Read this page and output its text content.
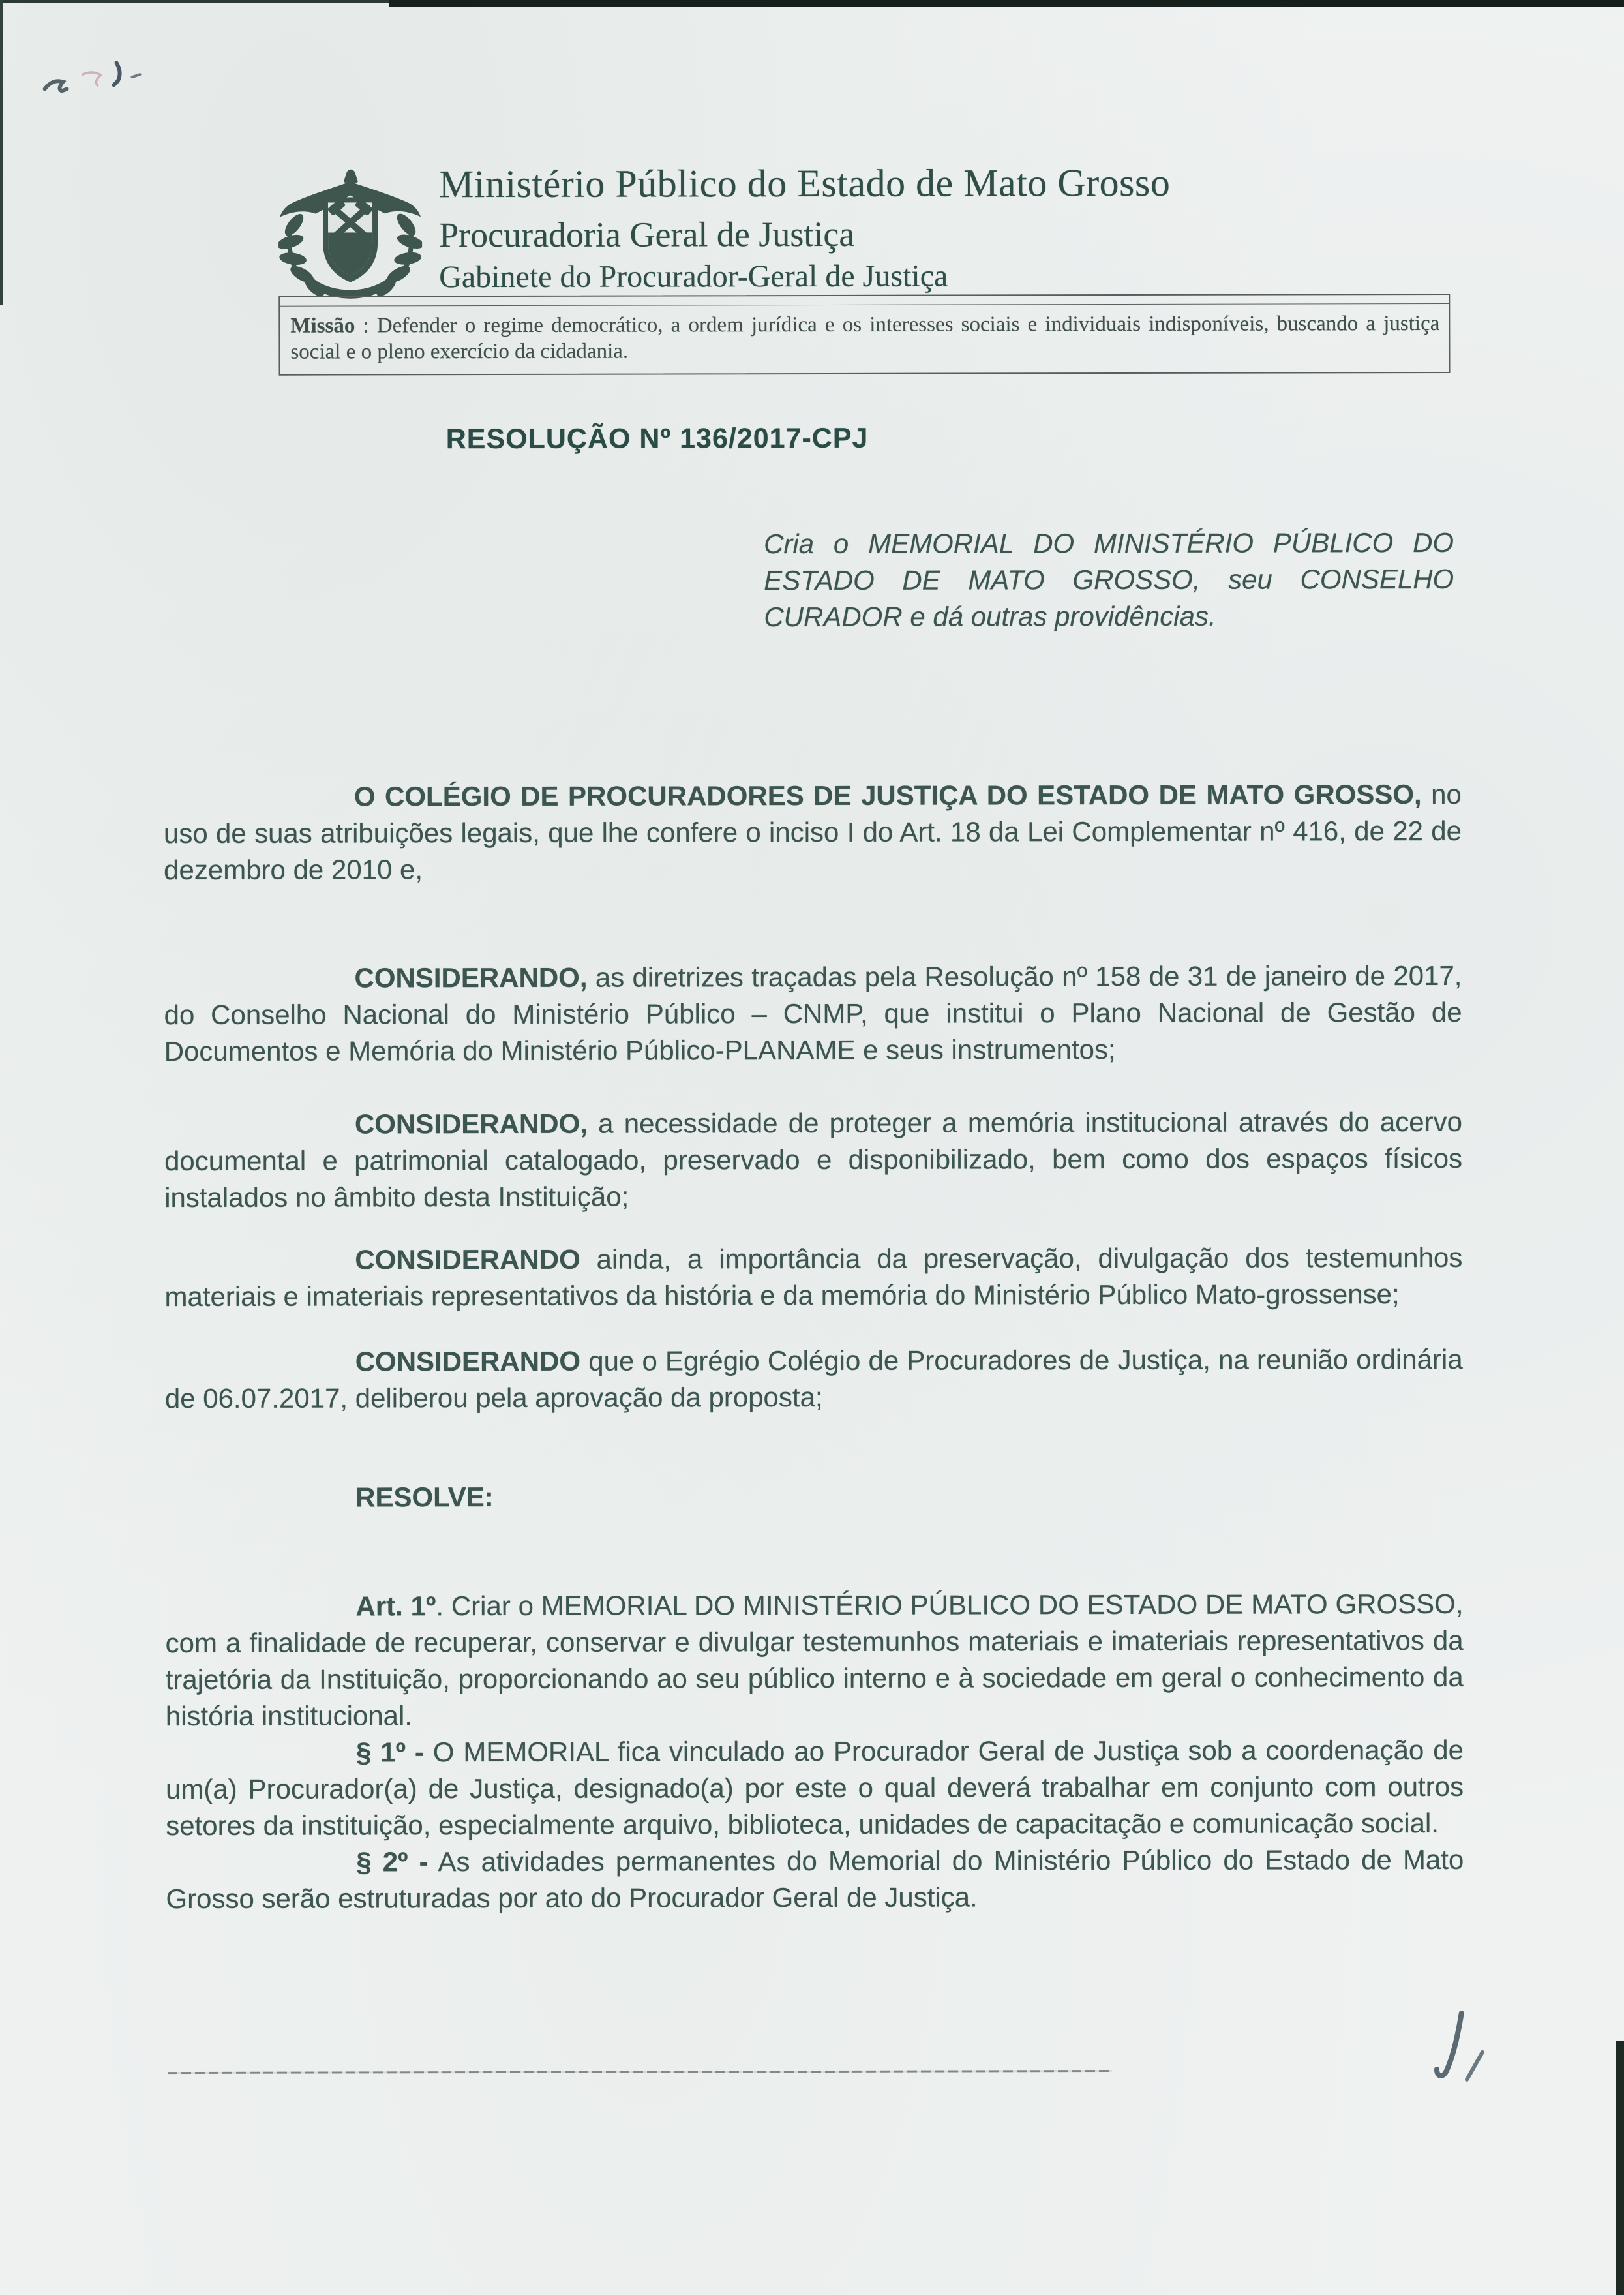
Ministério Público do Estado de Mato Grosso
Procuradoria Geral de Justiça
Gabinete do Procurador-Geral de Justiça

Missão : Defender o regime democrático, a ordem jurídica e os interesses sociais e individuais indisponíveis, buscando a justiça social e o pleno exercício da cidadania.

RESOLUÇÃO Nº 136/2017-CPJ
Cria o MEMORIAL DO MINISTÉRIO PÚBLICO DO ESTADO DE MATO GROSSO, seu CONSELHO CURADOR e dá outras providências.

O COLÉGIO DE PROCURADORES DE JUSTIÇA DO ESTADO DE MATO GROSSO, no uso de suas atribuições legais, que lhe confere o inciso I do Art. 18 da Lei Complementar nº 416, de 22 de dezembro de 2010 e,

CONSIDERANDO, as diretrizes traçadas pela Resolução nº 158 de 31 de janeiro de 2017, do Conselho Nacional do Ministério Público – CNMP, que institui o Plano Nacional de Gestão de Documentos e Memória do Ministério Público-PLANAME e seus instrumentos;

CONSIDERANDO, a necessidade de proteger a memória institucional através do acervo documental e patrimonial catalogado, preservado e disponibilizado, bem como dos espaços físicos instalados no âmbito desta Instituição;

CONSIDERANDO ainda, a importância da preservação, divulgação dos testemunhos materiais e imateriais representativos da história e da memória do Ministério Público Mato-grossense;

CONSIDERANDO que o Egrégio Colégio de Procuradores de Justiça, na reunião ordinária de 06.07.2017, deliberou pela aprovação da proposta;

RESOLVE:

Art. 1º. Criar o MEMORIAL DO MINISTÉRIO PÚBLICO DO ESTADO DE MATO GROSSO, com a finalidade de recuperar, conservar e divulgar testemunhos materiais e imateriais representativos da trajetória da Instituição, proporcionando ao seu público interno e à sociedade em geral o conhecimento da história institucional.

§ 1º - O MEMORIAL fica vinculado ao Procurador Geral de Justiça sob a coordenação de um(a) Procurador(a) de Justiça, designado(a) por este o qual deverá trabalhar em conjunto com outros setores da instituição, especialmente arquivo, biblioteca, unidades de capacitação e comunicação social.

§ 2º - As atividades permanentes do Memorial do Ministério Público do Estado de Mato Grosso serão estruturadas por ato do Procurador Geral de Justiça.
